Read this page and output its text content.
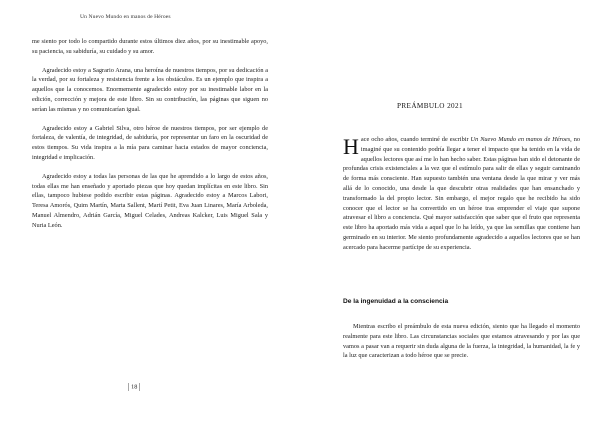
Un Nuevo Mundo en manos de Héroes

me siento por todo lo compartido durante estos últimos diez años, por su inestimable apoyo, su paciencia, su sabiduría, su cuidado y su amor.

Agradecido estoy a Sagrario Arana, una heroína de nuestros tiempos, por su dedicación a la verdad, por su fortaleza y resistencia frente a los obstáculos. Es un ejemplo que inspira a aquellos que la conocemos. Enormemente agradecido estoy por su inestimable labor en la edición, corrección y mejora de este libro. Sin su contribución, las páginas que siguen no serían las mismas y no comunicarían igual.

Agradecido estoy a Gabriel Silva, otro héroe de nuestros tiempos, por ser ejemplo de fortaleza, de valentía, de integridad, de sabiduría, por representar un faro en la oscuridad de estos tiempos. Su vida inspira a la mía para caminar hacia estados de mayor conciencia, integridad e implicación.

Agradecido estoy a todas las personas de las que he aprendido a lo largo de estos años, todas ellas me han enseñado y aportado piezas que hoy quedan implícitas en este libro. Sin ellas, tampoco hubiese podido escribir estas páginas. Agradecido estoy a Marcos Labori, Teresa Amorós, Quim Martín, Marta Sallent, Martí Petit, Eva Juan Linares, María Arboleda, Manuel Almendro, Adrián García, Miguel Celades, Andreas Kalcker, Luis Miguel Sala y Nuria León.

| 18 |
PREÁMBULO 2021

Hace ocho años, cuando terminé de escribir Un Nuevo Mundo en manos de Héroes, no imaginé que su contenido podría llegar a tener el impacto que ha tenido en la vida de aquellos lectores que así me lo han hecho saber. Estas páginas han sido el detonante de profundas crisis existenciales a la vez que el estímulo para salir de ellas y seguir caminando de forma más consciente. Han supuesto también una ventana desde la que mirar y ver más allá de lo conocido, una desde la que descubrir otras realidades que han ensanchado y transformado la del propio lector. Sin embargo, el mejor regalo que he recibido ha sido conocer que el lector se ha convertido en un héroe tras emprender el viaje que supone atravesar el libro a conciencia. Qué mayor satisfacción que saber que el fruto que representa este libro ha aportado más vida a aquel que lo ha leído, ya que las semillas que contiene han germinado en su interior. Me siento profundamente agradecido a aquellos lectores que se han acercado para hacerme partícipe de su experiencia.

De la ingenuidad a la consciencia

Mientras escribo el preámbulo de esta nueva edición, siento que ha llegado el momento realmente para este libro. Las circunstancias sociales que estamos atravesando y por las que vamos a pasar van a requerir sin duda alguna de la fuerza, la integridad, la humanidad, la fe y la luz que caracterizan a todo héroe que se precie.
